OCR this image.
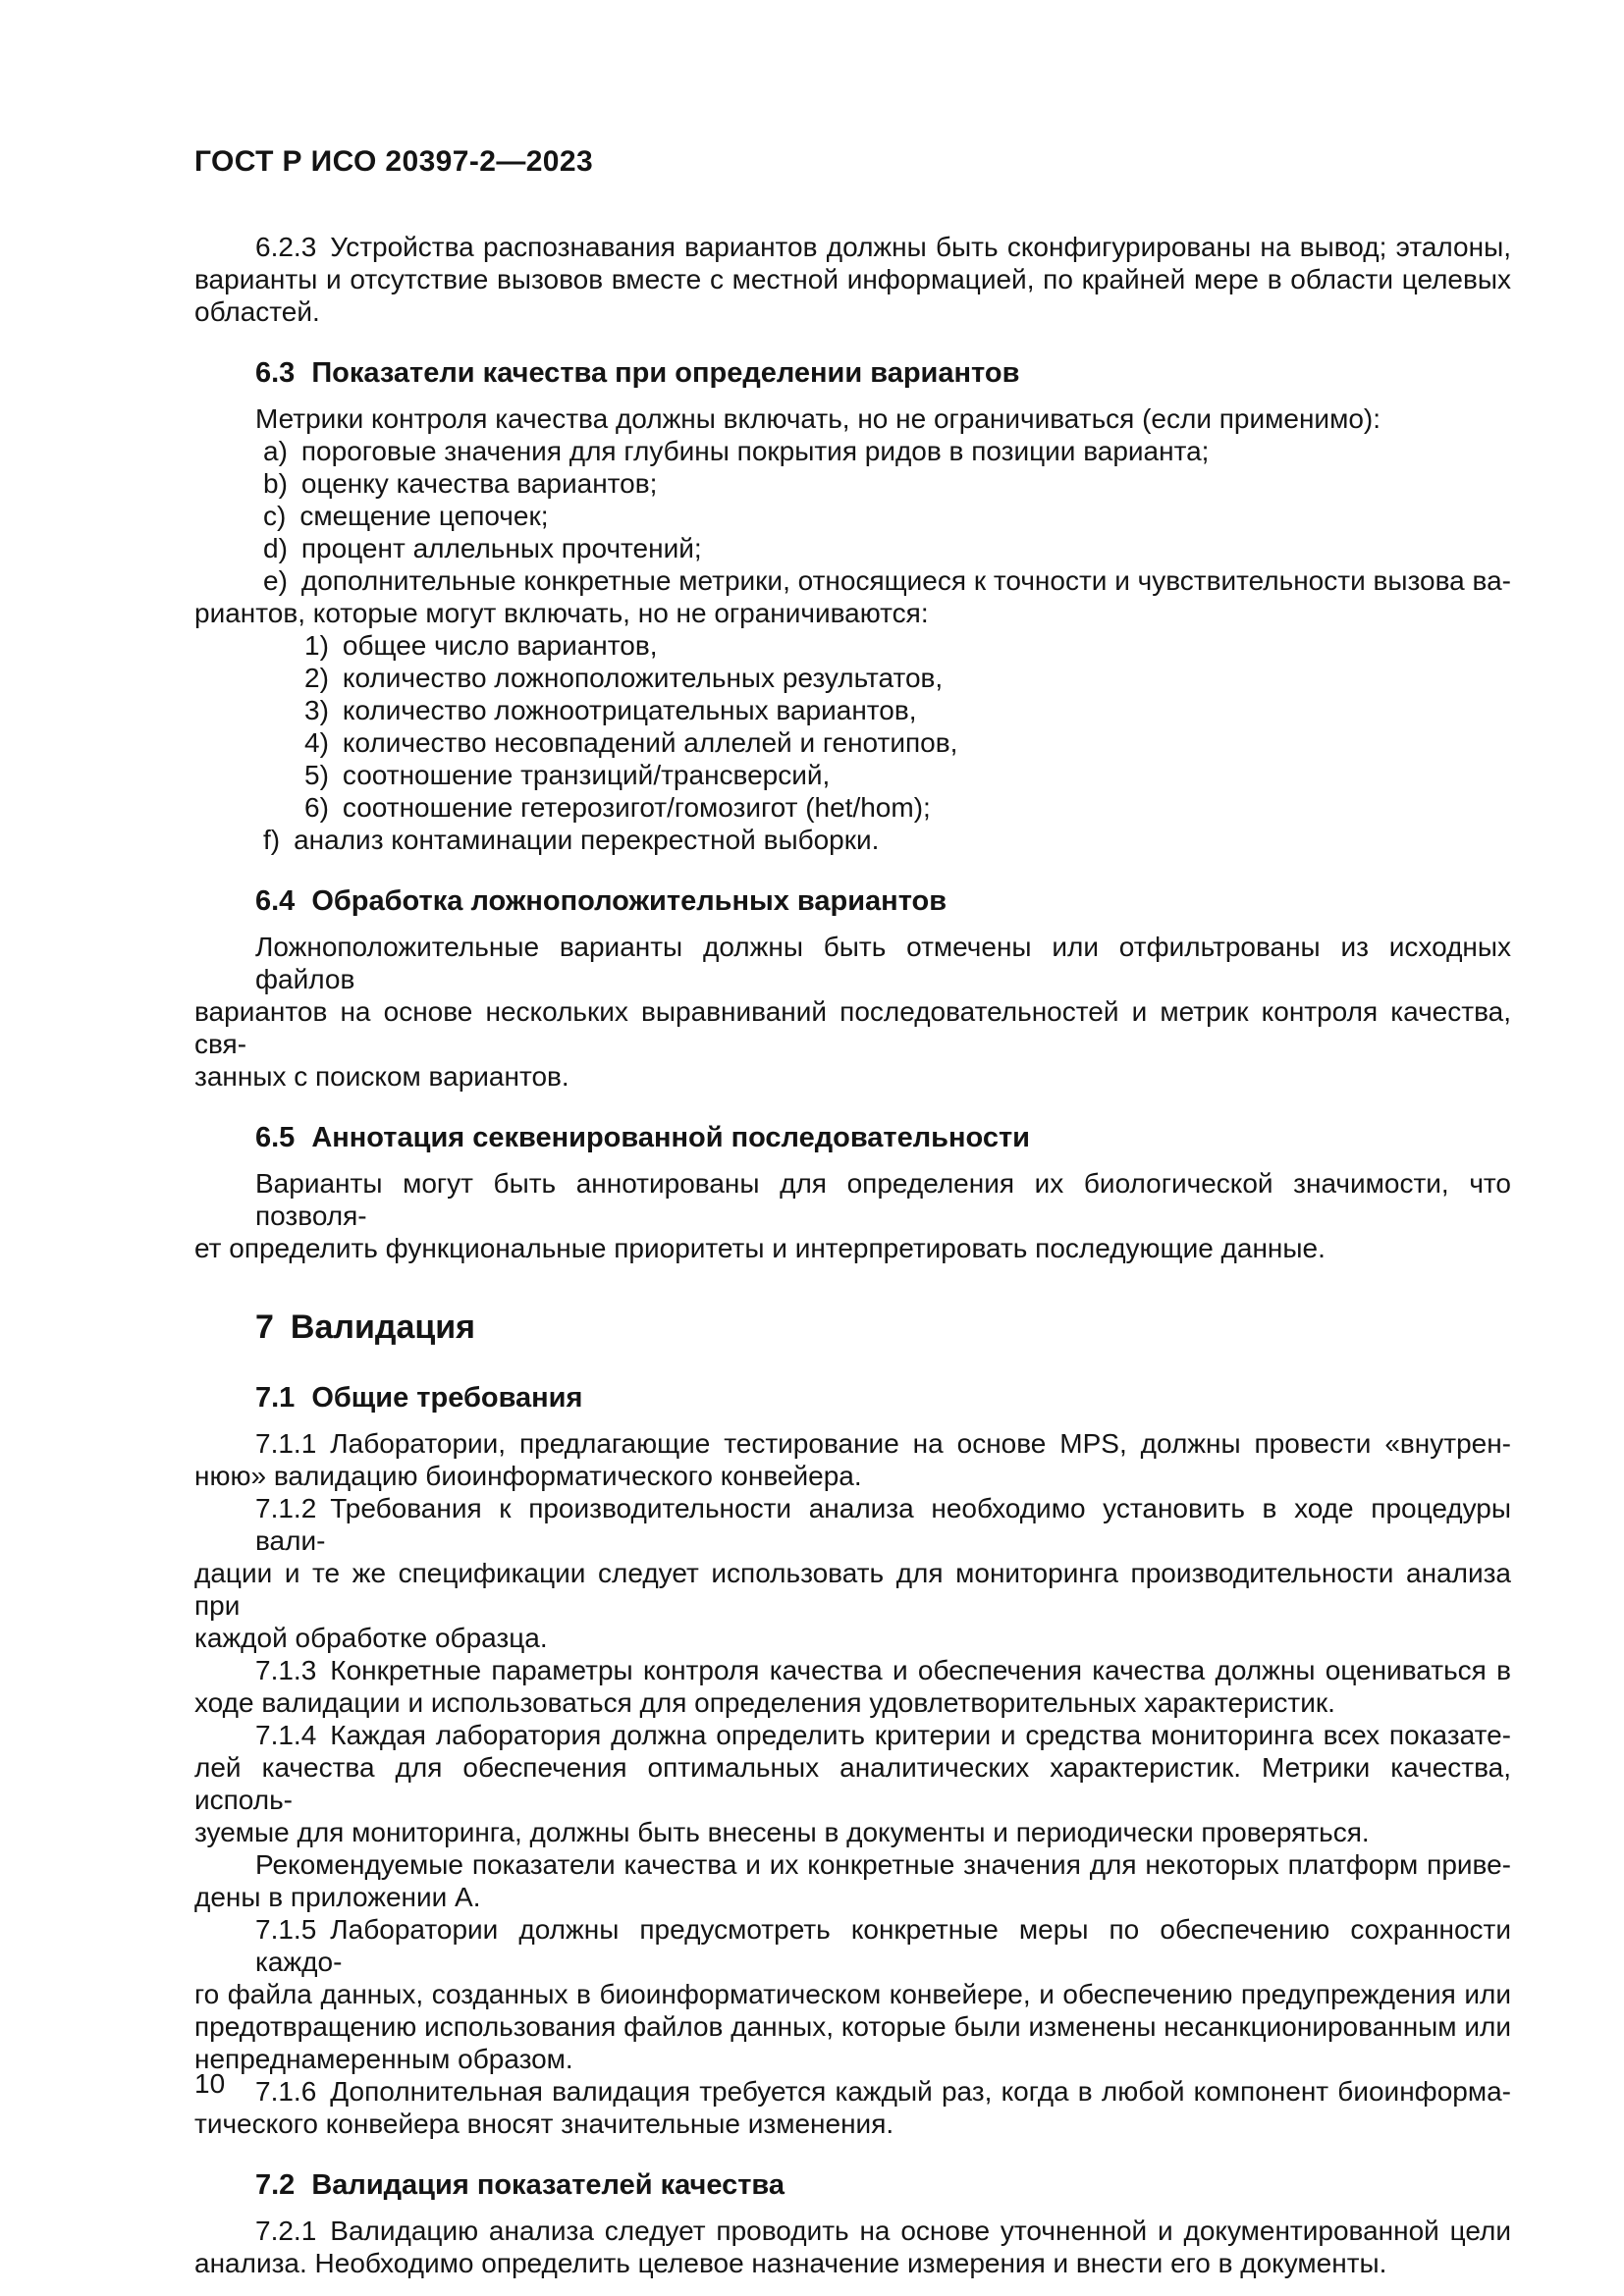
ГОСТ Р ИСО 20397-2—2023
6.2.3 Устройства распознавания вариантов должны быть сконфигурированы на вывод; эталоны,
варианты и отсутствие вызовов вместе с местной информацией, по крайней мере в области целевых
областей.
6.3 Показатели качества при определении вариантов
Метрики контроля качества должны включать, но не ограничиваться (если применимо):
a) пороговые значения для глубины покрытия ридов в позиции варианта;
b) оценку качества вариантов;
c) смещение цепочек;
d) процент аллельных прочтений;
e) дополнительные конкретные метрики, относящиеся к точности и чувствительности вызова ва-
риантов, которые могут включать, но не ограничиваются:
1) общее число вариантов,
2) количество ложноположительных результатов,
3) количество ложноотрицательных вариантов,
4) количество несовпадений аллелей и генотипов,
5) соотношение транзиций/трансверсий,
6) соотношение гетерозигот/гомозигот (het/hom);
f) анализ контаминации перекрестной выборки.
6.4 Обработка ложноположительных вариантов
Ложноположительные варианты должны быть отмечены или отфильтрованы из исходных файлов
вариантов на основе нескольких выравниваний последовательностей и метрик контроля качества, свя-
занных с поиском вариантов.
6.5 Аннотация секвенированной последовательности
Варианты могут быть аннотированы для определения их биологической значимости, что позволя-
ет определить функциональные приоритеты и интерпретировать последующие данные.
7 Валидация
7.1 Общие требования
7.1.1 Лаборатории, предлагающие тестирование на основе MPS, должны провести «внутрен-
нюю» валидацию биоинформатического конвейера.
7.1.2 Требования к производительности анализа необходимо установить в ходе процедуры вали-
дации и те же спецификации следует использовать для мониторинга производительности анализа при
каждой обработке образца.
7.1.3 Конкретные параметры контроля качества и обеспечения качества должны оцениваться в
ходе валидации и использоваться для определения удовлетворительных характеристик.
7.1.4 Каждая лаборатория должна определить критерии и средства мониторинга всех показате-
лей качества для обеспечения оптимальных аналитических характеристик. Метрики качества, исполь-
зуемые для мониторинга, должны быть внесены в документы и периодически проверяться.
Рекомендуемые показатели качества и их конкретные значения для некоторых платформ приве-
дены в приложении А.
7.1.5 Лаборатории должны предусмотреть конкретные меры по обеспечению сохранности каждо-
го файла данных, созданных в биоинформатическом конвейере, и обеспечению предупреждения или
предотвращению использования файлов данных, которые были изменены несанкционированным или
непреднамеренным образом.
7.1.6 Дополнительная валидация требуется каждый раз, когда в любой компонент биоинформа-
тического конвейера вносят значительные изменения.
7.2 Валидация показателей качества
7.2.1 Валидацию анализа следует проводить на основе уточненной и документированной цели
анализа. Необходимо определить целевое назначение измерения и внести его в документы.
10
